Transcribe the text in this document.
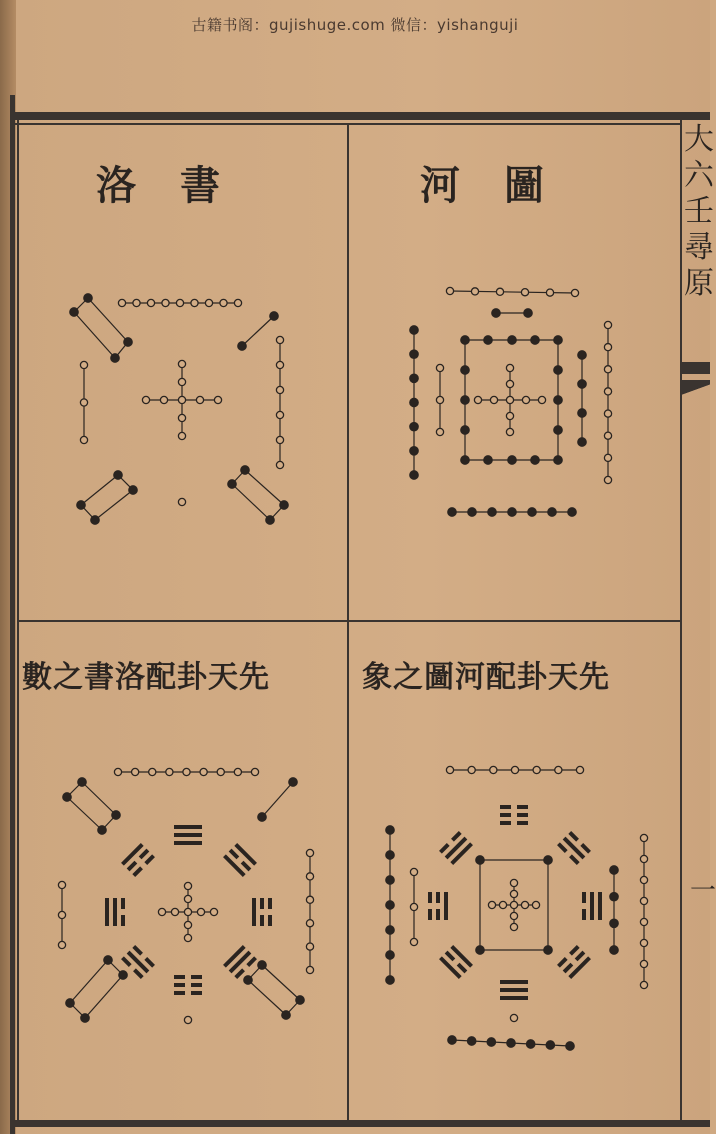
古籍书阁：gujishuge.com 微信：yishanguji
大六壬尋原
一
洛書	河圖
數之書洛配卦天先	象之圖河配卦天先
